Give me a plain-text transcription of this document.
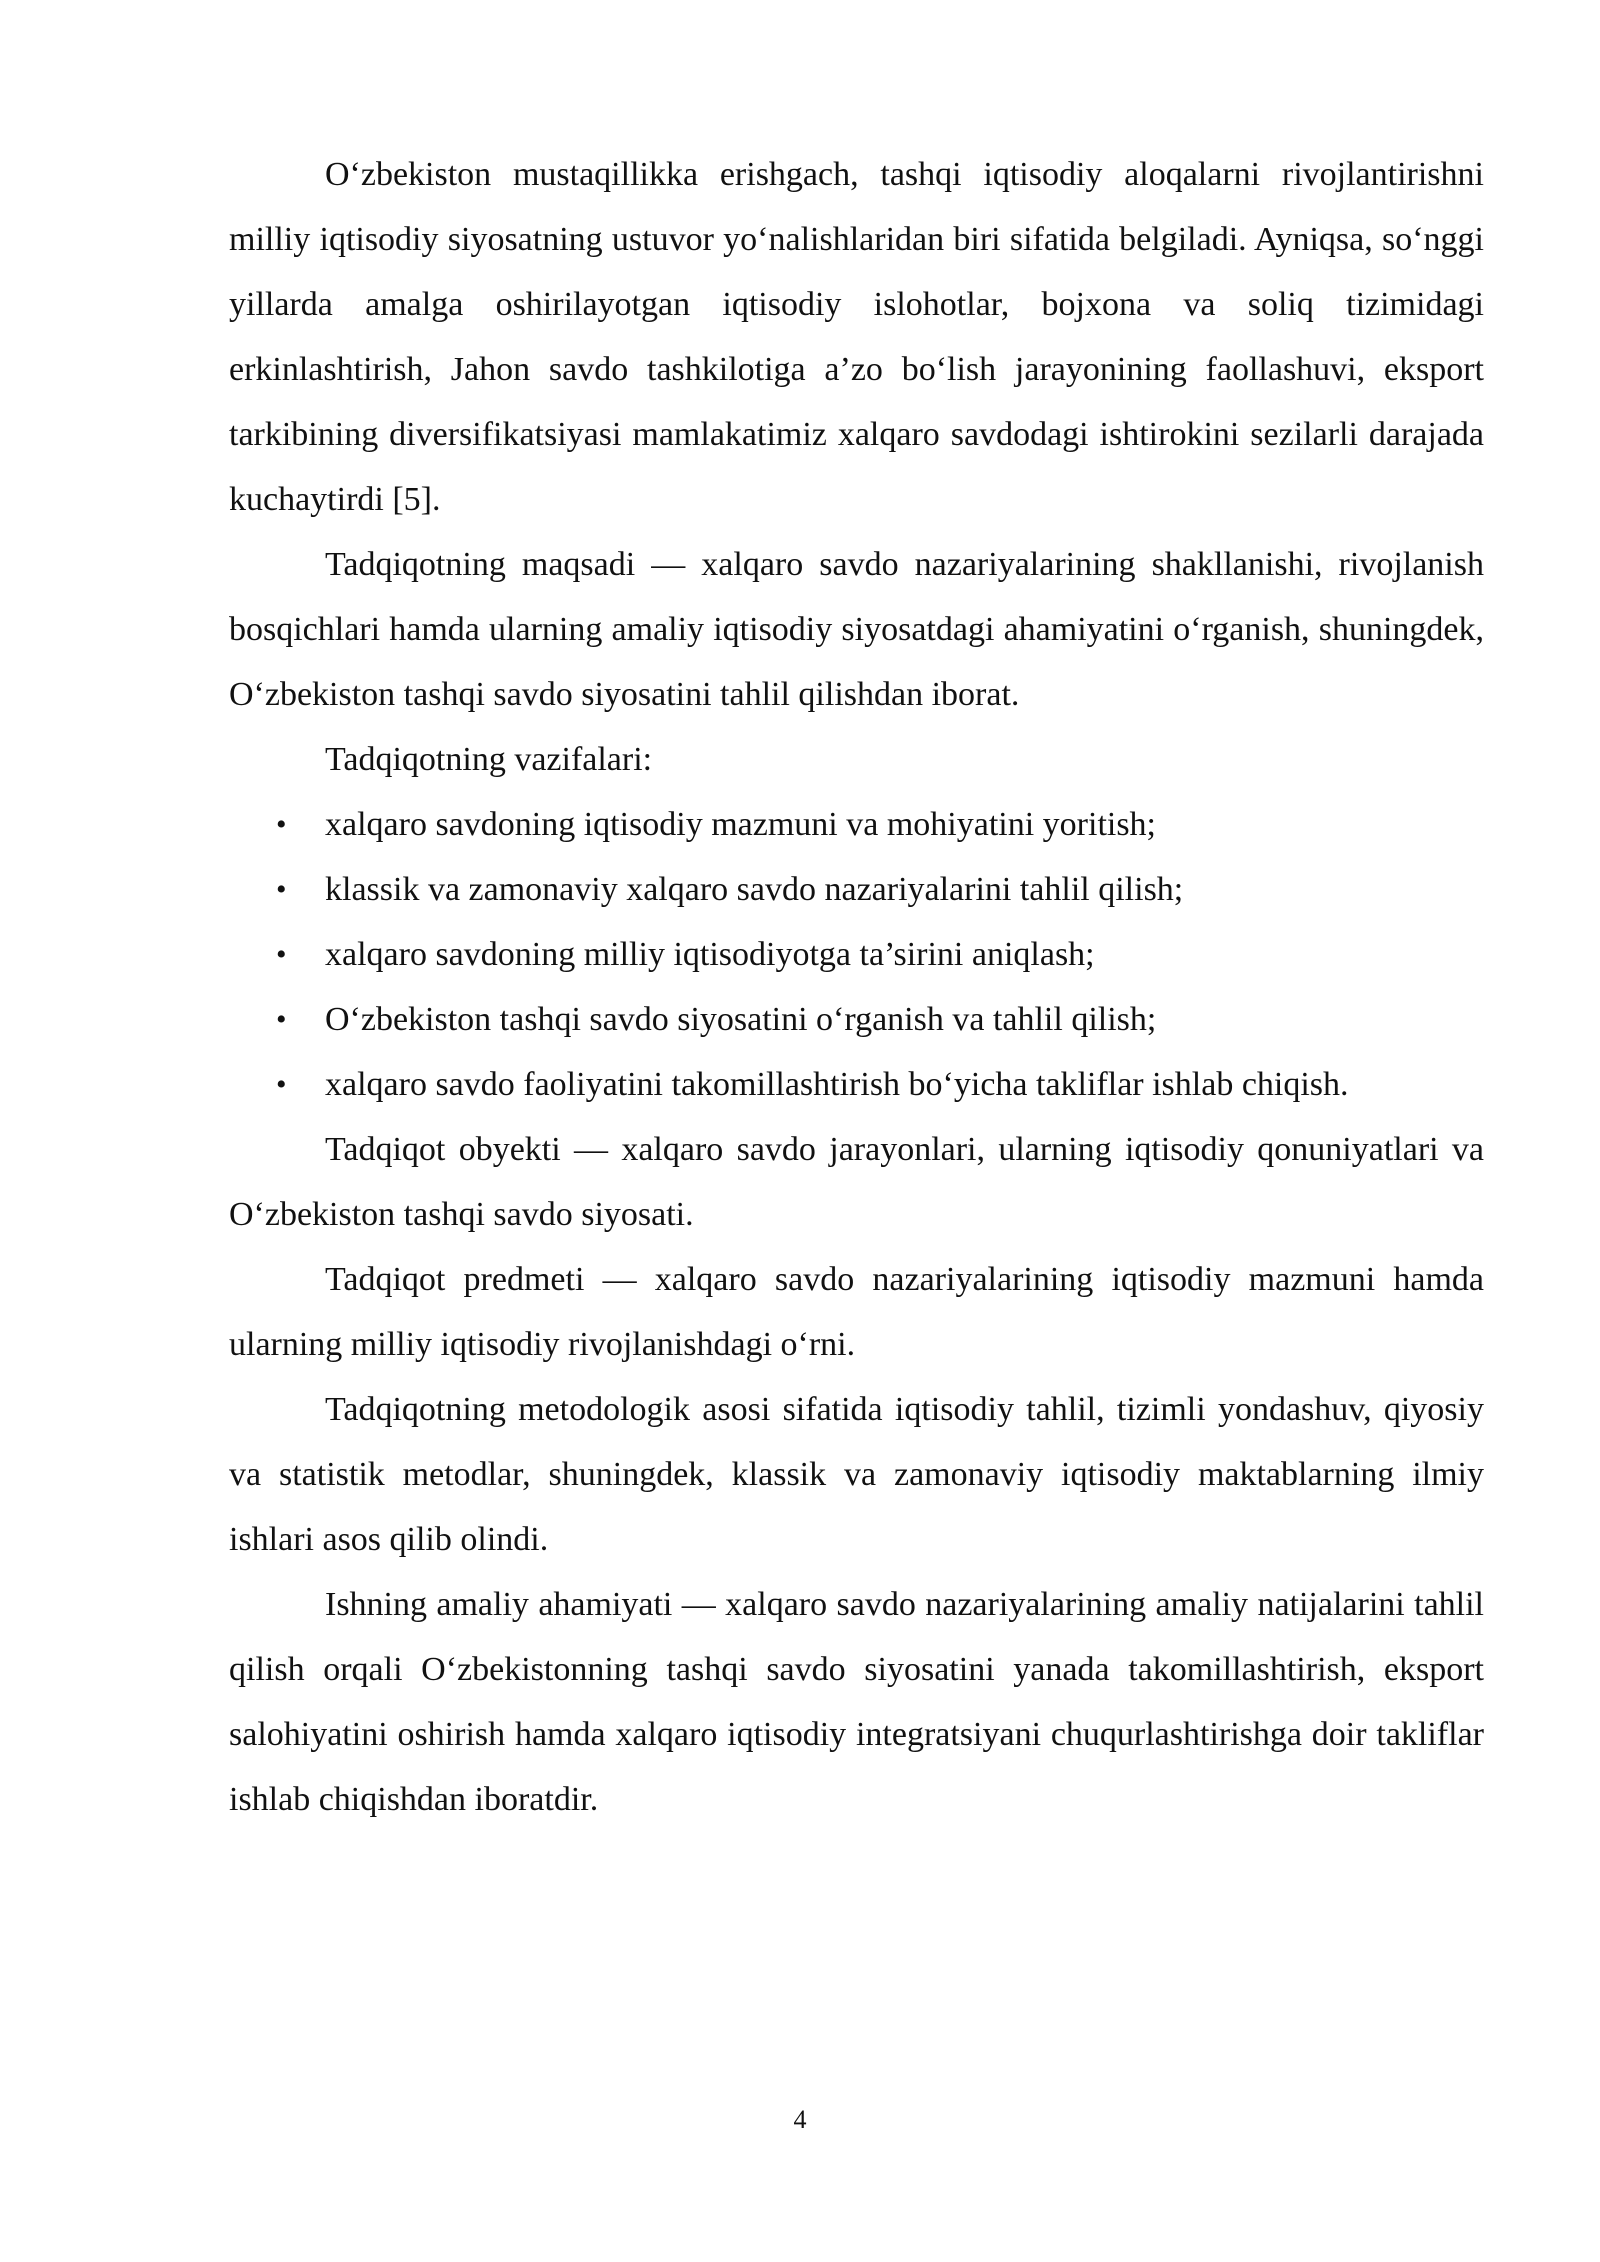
O‘zbekiston mustaqillikka erishgach, tashqi iqtisodiy aloqalarni rivojlantirishni milliy iqtisodiy siyosatning ustuvor yo‘nalishlaridan biri sifatida belgiladi. Ayniqsa, so‘nggi yillarda amalga oshirilayotgan iqtisodiy islohotlar, bojxona va soliq tizimidagi erkinlashtirish, Jahon savdo tashkilotiga a’zo bo‘lish jarayonining faollashuvi, eksport tarkibining diversifikatsiyasi mamlakatimiz xalqaro savdodagi ishtirokini sezilarli darajada kuchaytirdi [5].

Tadqiqotning maqsadi — xalqaro savdo nazariyalarining shakllanishi, rivojlanish bosqichlari hamda ularning amaliy iqtisodiy siyosatdagi ahamiyatini o‘rganish, shuningdek, O‘zbekiston tashqi savdo siyosatini tahlil qilishdan iborat.

Tadqiqotning vazifalari:

• xalqaro savdoning iqtisodiy mazmuni va mohiyatini yoritish;
• klassik va zamonaviy xalqaro savdo nazariyalarini tahlil qilish;
• xalqaro savdoning milliy iqtisodiyotga ta’sirini aniqlash;
• O‘zbekiston tashqi savdo siyosatini o‘rganish va tahlil qilish;
• xalqaro savdo faoliyatini takomillashtirish bo‘yicha takliflar ishlab chiqish.

Tadqiqot obyekti — xalqaro savdo jarayonlari, ularning iqtisodiy qonuniyatlari va O‘zbekiston tashqi savdo siyosati.

Tadqiqot predmeti — xalqaro savdo nazariyalarining iqtisodiy mazmuni hamda ularning milliy iqtisodiy rivojlanishdagi o‘rni.

Tadqiqotning metodologik asosi sifatida iqtisodiy tahlil, tizimli yondashuv, qiyosiy va statistik metodlar, shuningdek, klassik va zamonaviy iqtisodiy maktablarning ilmiy ishlari asos qilib olindi.

Ishning amaliy ahamiyati — xalqaro savdo nazariyalarining amaliy natijalarini tahlil qilish orqali O‘zbekistonning tashqi savdo siyosatini yanada takomillashtirish, eksport salohiyatini oshirish hamda xalqaro iqtisodiy integratsiyani chuqurlashtirishga doir takliflar ishlab chiqishdan iboratdir.

4
